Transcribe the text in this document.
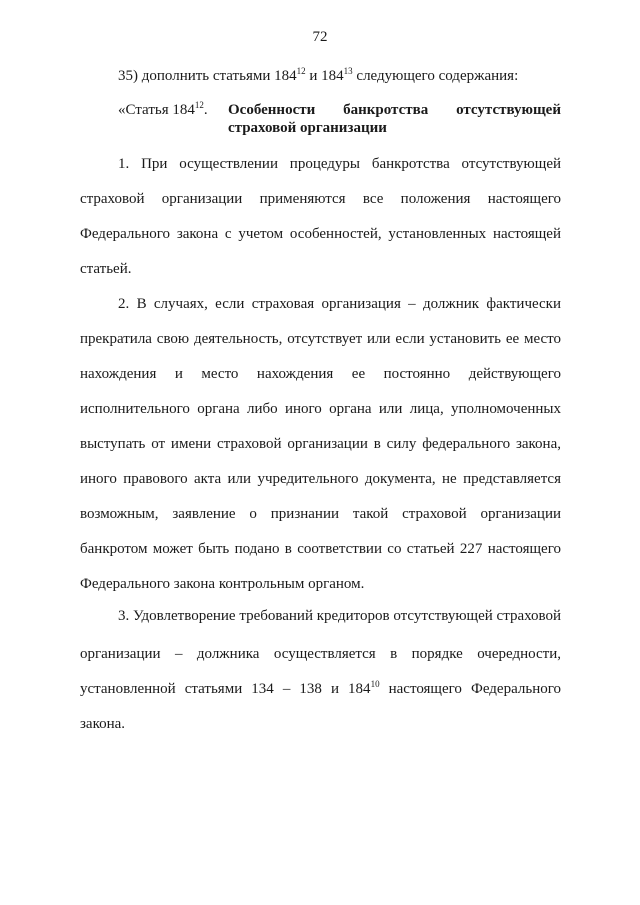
72
35) дополнить статьями $184^{12}$ и $184^{13}$ следующего содержания:
«Статья $184^{12}$. Особенности банкротства отсутствующей
страховой организации
1. При осуществлении процедуры банкротства отсутствующей
страховой организации применяются все положения настоящего
Федерального закона с учетом особенностей, установленных настоящей
статьей.
2. В случаях, если страховая организация – должник фактически
прекратила свою деятельность, отсутствует или если установить ее место
нахождения и место нахождения ее постоянно действующего
исполнительного органа либо иного органа или лица, уполномоченных
выступать от имени страховой организации в силу федерального закона,
иного правового акта или учредительного документа, не представляется
возможным, заявление о признании такой страховой организации
банкротом может быть подано в соответствии со статьей 227 настоящего
Федерального закона контрольным органом.
3. Удовлетворение требований кредиторов отсутствующей страховой
организации – должника осуществляется в порядке очередности,
установленной статьями 134 – 138 и $184^{10}$ настоящего Федерального
закона.
